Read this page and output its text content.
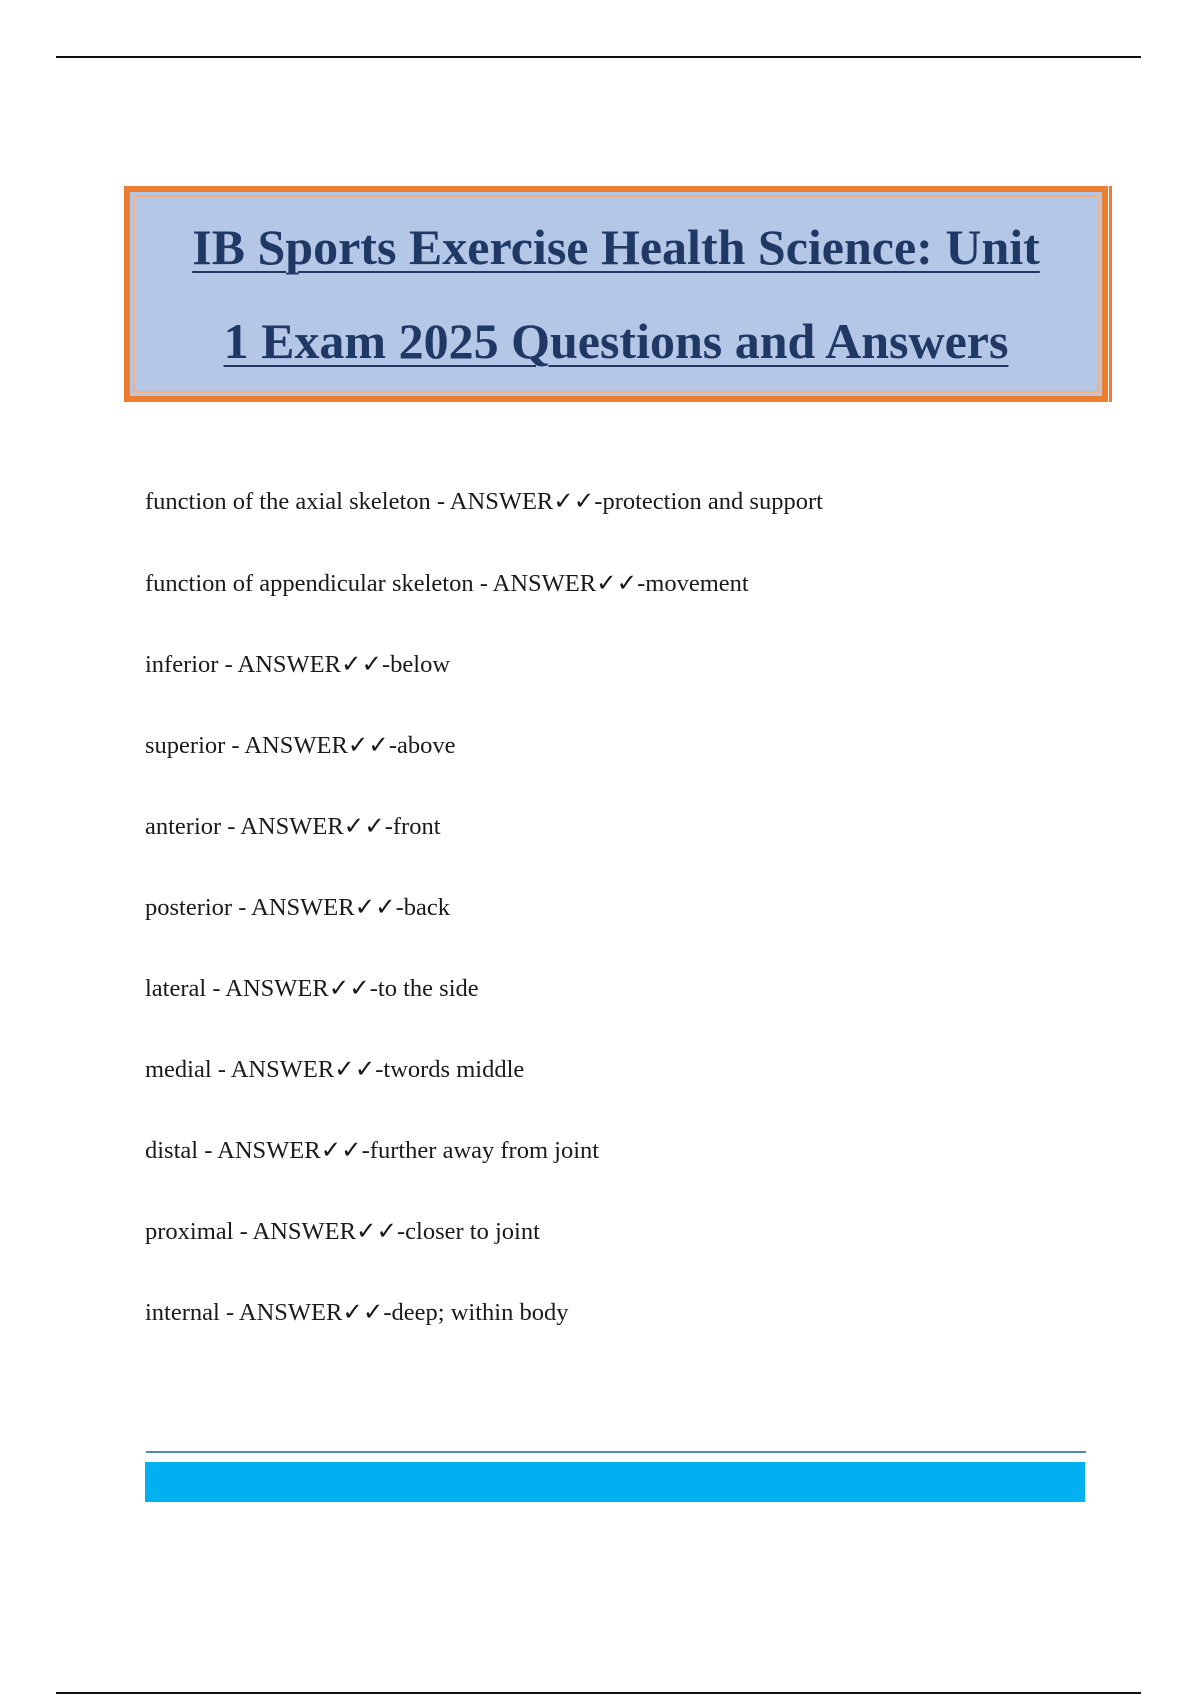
IB Sports Exercise Health Science: Unit
1 Exam 2025 Questions and Answers
function of the axial skeleton - ANSWER✓✓-protection and support
function of appendicular skeleton - ANSWER✓✓-movement
inferior - ANSWER✓✓-below
superior - ANSWER✓✓-above
anterior - ANSWER✓✓-front
posterior - ANSWER✓✓-back
lateral - ANSWER✓✓-to the side
medial - ANSWER✓✓-twords middle
distal - ANSWER✓✓-further away from joint
proximal - ANSWER✓✓-closer to joint
internal - ANSWER✓✓-deep; within body
